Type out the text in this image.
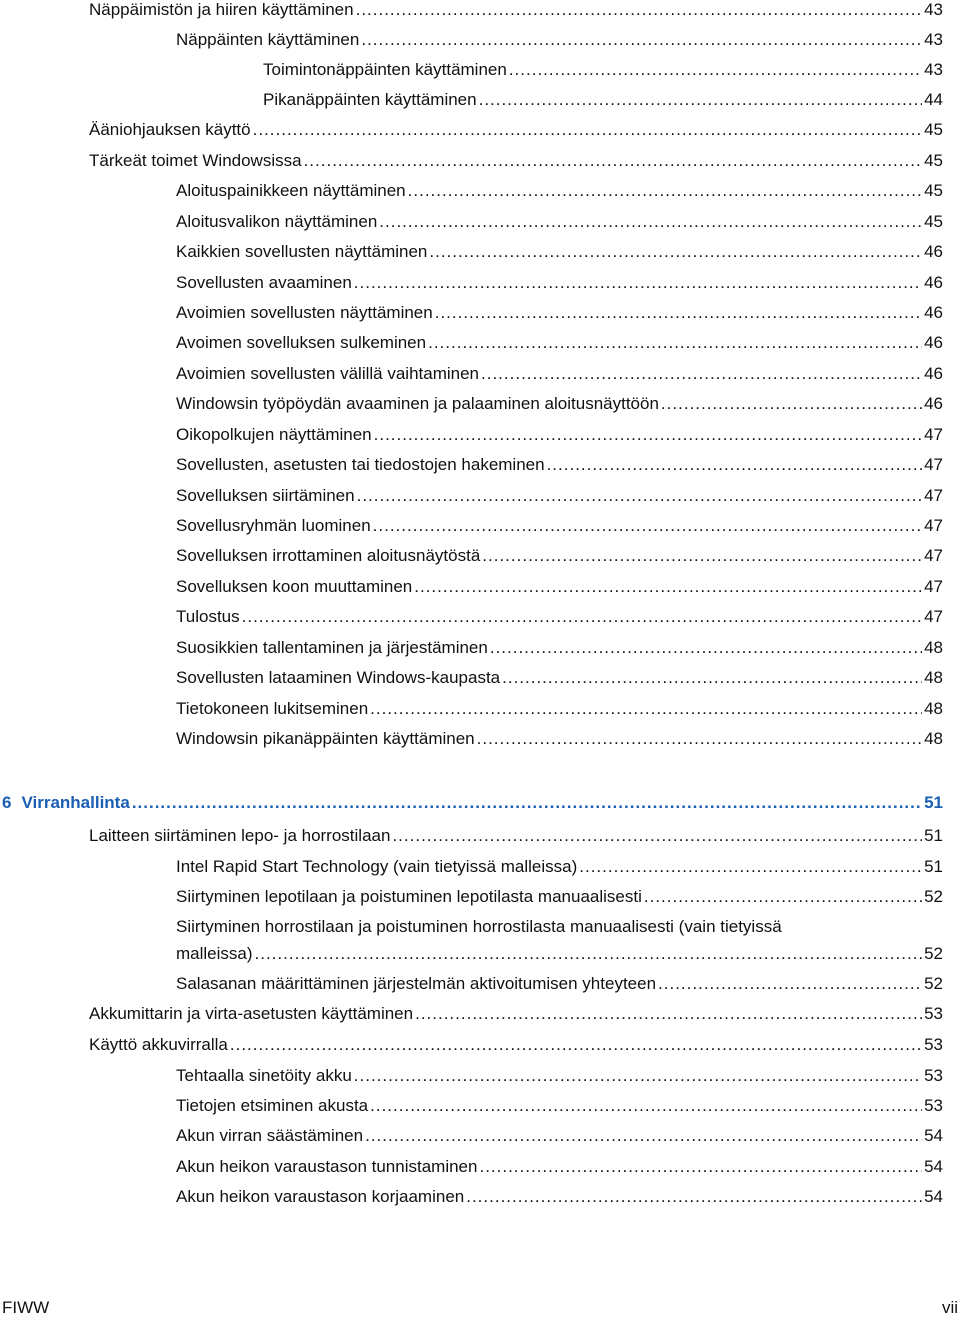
Näppäimistön ja hiiren käyttäminen .....	43
Näppäinten käyttäminen .....	43
Toimintonäppäinten käyttäminen .....	43
Pikanäppäinten käyttäminen .....	44
Ääniohjauksen käyttö .....	45
Tärkeät toimet Windowsissa .....	45
Aloituspainikkeen näyttäminen .....	45
Aloitusvalikon näyttäminen .....	45
Kaikkien sovellusten näyttäminen .....	46
Sovellusten avaaminen .....	46
Avoimien sovellusten näyttäminen .....	46
Avoimen sovelluksen sulkeminen .....	46
Avoimien sovellusten välillä vaihtaminen .....	46
Windowsin työpöydän avaaminen ja palaaminen aloitusnäyttöön .....	46
Oikopolkujen näyttäminen .....	47
Sovellusten, asetusten tai tiedostojen hakeminen .....	47
Sovelluksen siirtäminen .....	47
Sovellusryhmän luominen .....	47
Sovelluksen irrottaminen aloitusnäytöstä .....	47
Sovelluksen koon muuttaminen .....	47
Tulostus .....	47
Suosikkien tallentaminen ja järjestäminen .....	48
Sovellusten lataaminen Windows-kaupasta .....	48
Tietokoneen lukitseminen .....	48
Windowsin pikanäppäinten käyttäminen .....	48
6 Virranhallinta .....	51
Laitteen siirtäminen lepo- ja horrostilaan .....	51
Intel Rapid Start Technology (vain tietyissä malleissa) .....	51
Siirtyminen lepotilaan ja poistuminen lepotilasta manuaalisesti .....	52
Siirtyminen horrostilaan ja poistuminen horrostilasta manuaalisesti (vain tietyissä
malleissa) .....	52
Salasanan määrittäminen järjestelmän aktivoitumisen yhteyteen .....	52
Akkumittarin ja virta-asetusten käyttäminen .....	53
Käyttö akkuvirralla .....	53
Tehtaalla sinetöity akku .....	53
Tietojen etsiminen akusta .....	53
Akun virran säästäminen .....	54
Akun heikon varaustason tunnistaminen .....	54
Akun heikon varaustason korjaaminen .....	54
FIWW	vii
